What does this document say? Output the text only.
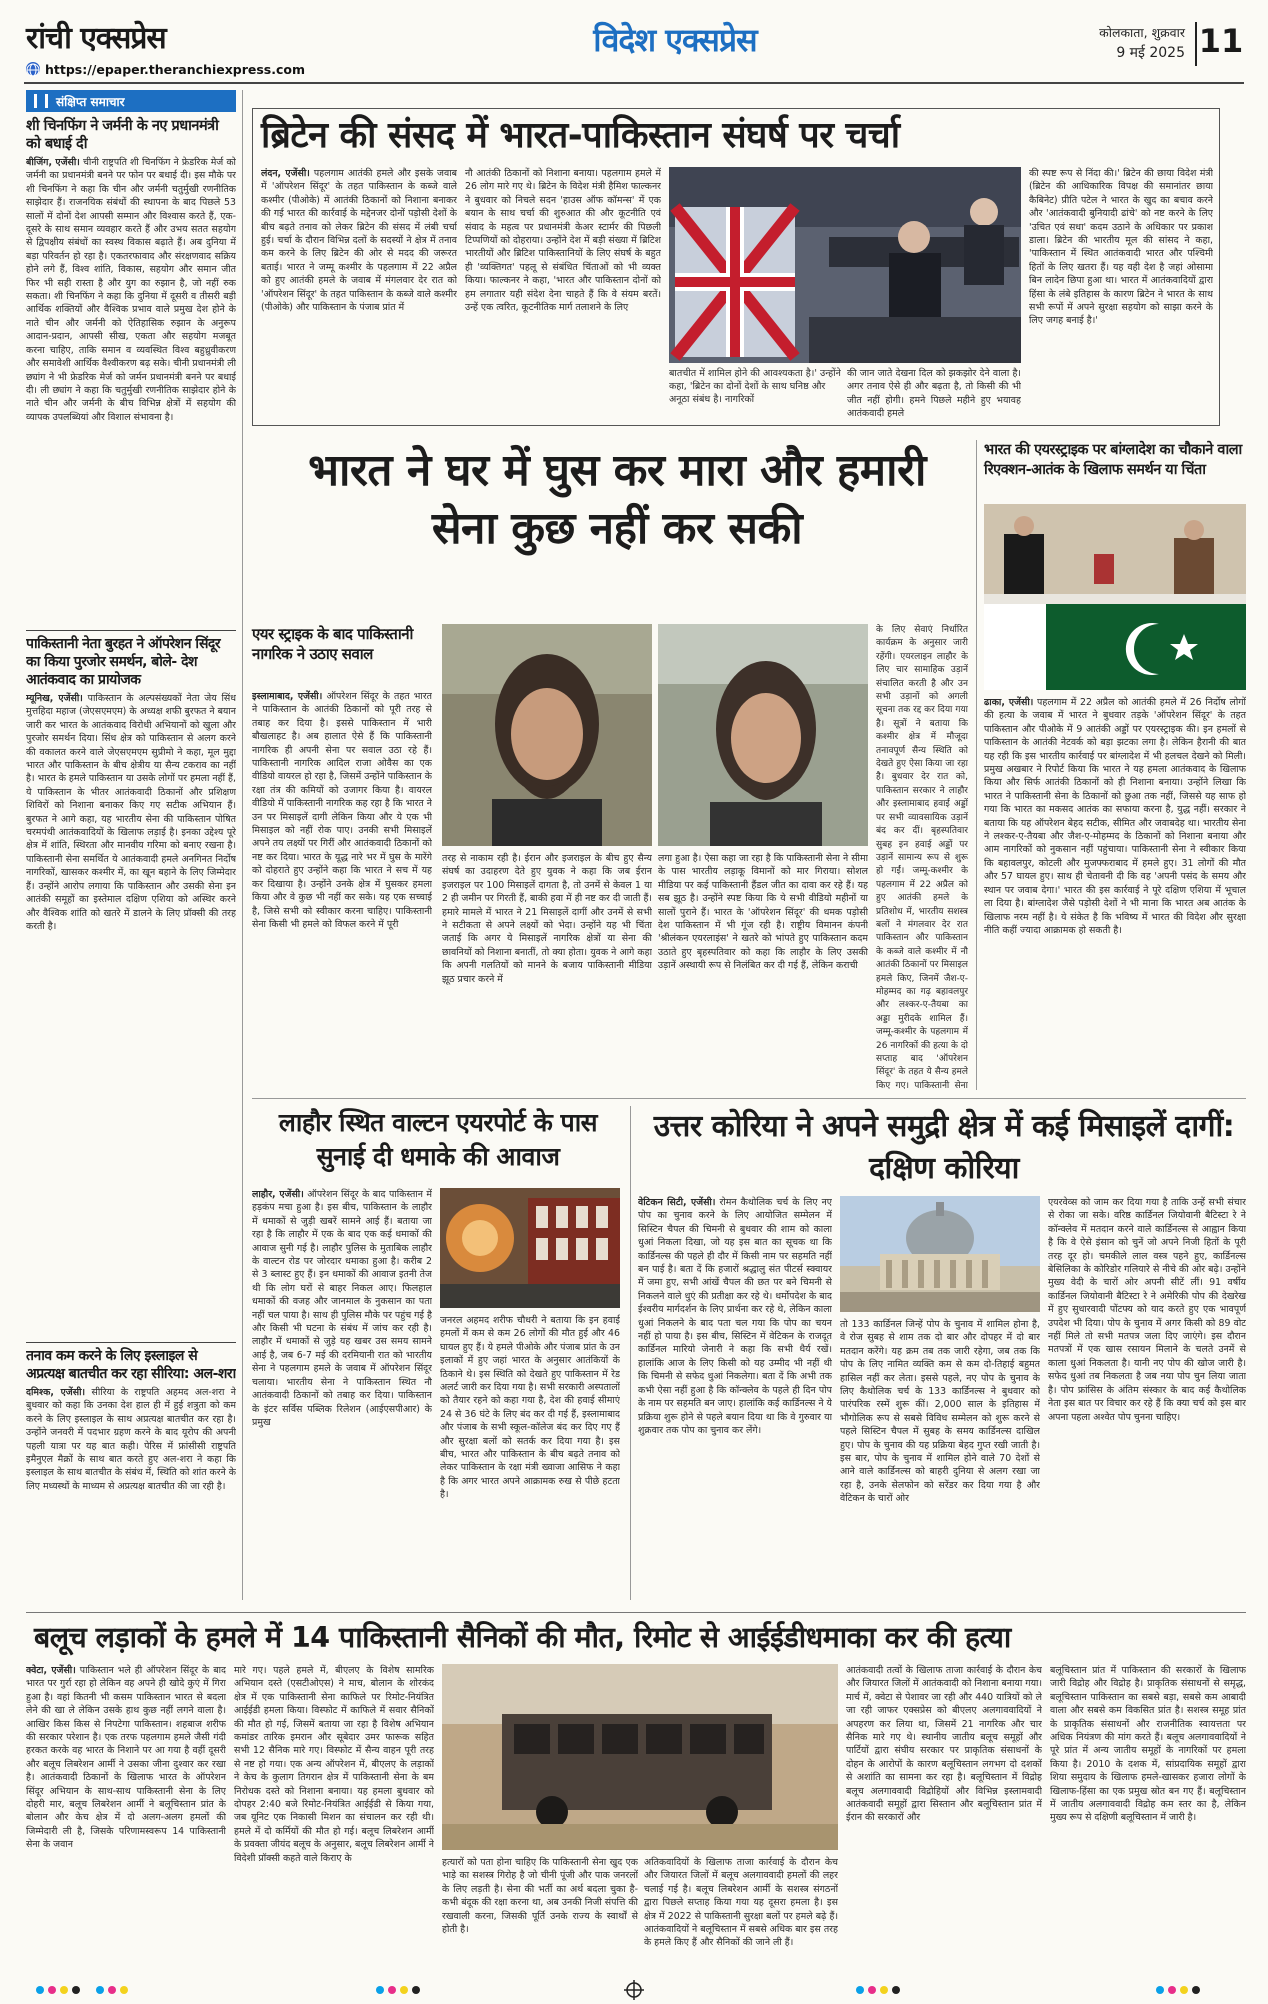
रांची एक्सप्रेस
https://epaper.theranchiexpress.com
विदेश एक्सप्रेस	कोलकाता, शुक्रवार
9 मई 2025 11
संक्षिप्त समाचार
शी चिनफिंग ने जर्मनी के नए प्रधानमंत्री को बधाई दी
बीजिंग, एजेंसी। चीनी राष्ट्रपति शी चिनफिंग ने फ्रेडरिक मेर्ज को जर्मनी का प्रधानमंत्री बनने पर फोन पर बधाई दी। इस मौके पर शी चिनफिंग ने कहा कि चीन और जर्मनी चतुर्मुखी रणनीतिक साझेदार हैं। राजनयिक संबंधों की स्थापना के बाद पिछले 53 सालों में दोनों देश आपसी सम्मान और विश्वास करते हैं, एक-दूसरे के साथ समान व्यवहार करते हैं और उभय सतत सहयोग से द्विपक्षीय संबंधों का स्वस्थ विकास बढ़ाते हैं। अब दुनिया में बड़ा परिवर्तन हो रहा है। एकतरफावाद और संरक्षणवाद सक्रिय होने लगे हैं, विश्व शांति, विकास, सहयोग और समान जीत फिर भी सही रास्ता है और युग का रुझान है, जो नहीं रुक सकता। शी चिनफिंग ने कहा कि दुनिया में दूसरी व तीसरी बड़ी आर्थिक शक्तियों और वैश्विक प्रभाव वाले प्रमुख देश होने के नाते चीन और जर्मनी को ऐतिहासिक रुझान के अनुरूप आदान-प्रदान, आपसी सीख, एकता और सहयोग मजबूत करना चाहिए, ताकि समान व व्यवस्थित विश्व बहुध्रुवीकरण और समावेशी आर्थिक वैश्वीकरण बढ़ सके। चीनी प्रधानमंत्री ली छ्यांग ने भी फ्रेडरिक मेर्ज को जर्मन प्रधानमंत्री बनने पर बधाई दी। ली छ्यांग ने कहा कि चतुर्मुखी रणनीतिक साझेदार होने के नाते चीन और जर्मनी के बीच विभिन्न क्षेत्रों में सहयोग की व्यापक उपलब्धियां और विशाल संभावना है।
पाकिस्तानी नेता बुरहत ने ऑपरेशन सिंदूर का किया पुरजोर समर्थन, बोले- देश आतंकवाद का प्रायोजक
म्यूनिख, एजेंसी। पाकिस्तान के अल्पसंख्यकों नेता जेय सिंध मुत्तहिदा महाज (जेएसएमएम) के अध्यक्ष शफी बुरफत ने बयान जारी कर भारत के आतंकवाद विरोधी अभियानों को खुला और पुरजोर समर्थन दिया। सिंध क्षेत्र को पाकिस्तान से अलग करने की वकालत करने वाले जेएसएमएम सुप्रीमो ने कहा, मूल मुद्दा भारत और पाकिस्तान के बीच क्षेत्रीय या सैन्य टकराव का नहीं है। भारत के हमले पाकिस्तान या उसके लोगों पर हमला नहीं हैं, ये पाकिस्तान के भीतर आतंकवादी ठिकानों और प्रशिक्षण शिविरों को निशाना बनाकर किए गए सटीक अभियान हैं। बुरफत ने आगे कहा, यह भारतीय सेना की पाकिस्तान पोषित चरमपंथी आतंकवादियों के खिलाफ लड़ाई है। इनका उद्देश्य पूरे क्षेत्र में शांति, स्थिरता और मानवीय गरिमा को बनाए रखना है। पाकिस्तानी सेना समर्थित ये आतंकवादी हमले अनगिनत निर्दोष नागरिकों, खासकर कश्मीर में, का खून बहाने के लिए जिम्मेदार हैं। उन्होंने आरोप लगाया कि पाकिस्तान और उसकी सेना इन आतंकी समूहों का इस्तेमाल दक्षिण एशिया को अस्थिर करने और वैश्विक शांति को खतरे में डालने के लिए प्रॉक्सी की तरह करती है।
तनाव कम करने के लिए इस्लाइल से अप्रत्यक्ष बातचीत कर रहा सीरिया: अल-शरा
दमिश्क, एजेंसी। सीरिया के राष्ट्रपति अहमद अल-शरा ने बुधवार को कहा कि उनका देश हाल ही में हुई शत्रुता को कम करने के लिए इस्लाइल के साथ अप्रत्यक्ष बातचीत कर रहा है। उन्होंने जनवरी में पदभार ग्रहण करने के बाद यूरोप की अपनी पहली यात्रा पर यह बात कही। पेरिस में फ्रांसीसी राष्ट्रपति इमैनुएल मैक्रों के साथ बात करते हुए अल-शरा ने कहा कि इस्लाइल के साथ बातचीत के संबंध में, स्थिति को शांत करने के लिए मध्यस्थों के माध्यम से अप्रत्यक्ष बातचीत की जा रही है।
ब्रिटेन की संसद में भारत-पाकिस्तान संघर्ष पर चर्चा
लंदन, एजेंसी। पहलगाम आतंकी हमले और इसके जवाब में 'ऑपरेशन सिंदूर' के तहत पाकिस्तान के कब्जे वाले कश्मीर (पीओके) में आतंकी ठिकानों को निशाना बनाकर की गई भारत की कार्रवाई के मद्देनजर दोनों पड़ोसी देशों के बीच बढ़ते तनाव को लेकर ब्रिटेन की संसद में लंबी चर्चा हुई। चर्चा के दौरान विभिन्न दलों के सदस्यों ने क्षेत्र में तनाव कम करने के लिए ब्रिटेन की ओर से मदद की जरूरत बताई। भारत ने जम्मू कश्मीर के पहलगाम में 22 अप्रैल को हुए आतंकी हमले के जवाब में मंगलवार देर रात को 'ऑपरेशन सिंदूर' के तहत पाकिस्तान के कब्जे वाले कश्मीर (पीओके) और पाकिस्तान के पंजाब प्रांत में
नौ आतंकी ठिकानों को निशाना बनाया। पहलगाम हमले में 26 लोग मारे गए थे। ब्रिटेन के विदेश मंत्री हैमिश फाल्कनर ने बुधवार को निचले सदन 'हाउस ऑफ कॉमन्स' में एक बयान के साथ चर्चा की शुरुआत की और कूटनीति एवं संवाद के महत्व पर प्रधानमंत्री केअर स्टार्मर की पिछली टिप्पणियों को दोहराया। उन्होंने देश में बड़ी संख्या में ब्रिटिश भारतीयों और ब्रिटिश पाकिस्तानियों के लिए संघर्ष के बहुत ही 'व्यक्तिगत' पहलू से संबंधित चिंताओं को भी व्यक्त किया। फाल्कनर ने कहा, 'भारत और पाकिस्तान दोनों को हम लगातार यही संदेश देना चाहते हैं कि वे संयम बरतें। उन्हें एक त्वरित, कूटनीतिक मार्ग तलाशने के लिए
बातचीत में शामिल होने की आवश्यकता है।' उन्होंने कहा, 'ब्रिटेन का दोनों देशों के साथ घनिष्ठ और अनूठा संबंध है। नागरिकों
की जान जाते देखना दिल को झकझोर देने वाला है। अगर तनाव ऐसे ही और बढ़ता है, तो किसी की भी जीत नहीं होगी। हमने पिछले महीने हुए भयावह आतंकवादी हमले
की स्पष्ट रूप से निंदा की।' ब्रिटेन की छाया विदेश मंत्री (ब्रिटेन की आधिकारिक विपक्ष की समानांतर छाया कैबिनेट) प्रीति पटेल ने भारत के खुद का बचाव करने और 'आतंकवादी बुनियादी ढांचे' को नष्ट करने के लिए 'उचित एवं सधा' कदम उठाने के अधिकार पर प्रकाश डाला। ब्रिटेन की भारतीय मूल की सांसद ने कहा, 'पाकिस्तान में स्थित आतंकवादी भारत और पश्चिमी हितों के लिए खतरा हैं। यह वही देश है जहां ओसामा बिन लादेन छिपा हुआ था। भारत में आतंकवादियों द्वारा हिंसा के लंबे इतिहास के कारण ब्रिटेन ने भारत के साथ सभी रूपों में अपने सुरक्षा सहयोग को साझा करने के लिए जगह बनाई है।'
भारत ने घर में घुस कर मारा और हमारी सेना कुछ नहीं कर सकी
एयर स्ट्राइक के बाद पाकिस्तानी नागरिक ने उठाए सवाल
इस्लामाबाद, एजेंसी। ऑपरेशन सिंदूर के तहत भारत ने पाकिस्तान के आतंकी ठिकानों को पूरी तरह से तबाह कर दिया है। इससे पाकिस्तान में भारी बौखलाहट है। अब हालात ऐसे हैं कि पाकिस्तानी नागरिक ही अपनी सेना पर सवाल उठा रहे हैं। पाकिस्तानी नागरिक आदिल राजा ओवैस का एक वीडियो वायरल हो रहा है, जिसमें उन्होंने पाकिस्तान के रक्षा तंत्र की कमियों को उजागर किया है। वायरल वीडियो में पाकिस्तानी नागरिक कह रहा है कि भारत ने उन पर मिसाइलें दागी लेकिन किया और ये एक भी मिसाइल को नहीं रोक पाए। उनकी सभी मिसाइलें अपने तय लक्ष्यों पर गिरीं और आतंकवादी ठिकानों को नष्ट कर दिया। भारत के यूद्ध नारे भर में घुस के मारेंगे को दोहराते हुए उन्होंने कहा कि भारत ने सच में यह कर दिखाया है। उन्होंने उनके क्षेत्र में घुसकर हमला किया और वे कुछ भी नहीं कर सके। यह एक सच्चाई है, जिसे सभी को स्वीकार करना चाहिए। पाकिस्तानी सेना किसी भी हमले को विफल करने में पूरी
तरह से नाकाम रही है। ईरान और इजराइल के बीच हुए सैन्य संघर्ष का उदाहरण देते हुए युवक ने कहा कि जब ईरान इजराइल पर 100 मिसाइलें दागता है, तो उनमें से केवल 1 या 2 ही जमीन पर गिरती हैं, बाकी हवा में ही नष्ट कर दी जाती हैं। हमारे मामले में भारत ने 21 मिसाइलें दागीं और उनमें से सभी ने सटीकता से अपने लक्ष्यों को भेदा। उन्होंने यह भी चिंता जताई कि अगर ये मिसाइलें नागरिक क्षेत्रों या सेना की छावनियों को निशाना बनातीं, तो क्या होता। युवक ने आगे कहा कि अपनी गलतियों को मानने के बजाय पाकिस्तानी मीडिया झूठ प्रचार करने में
लगा हुआ है। ऐसा कहा जा रहा है कि पाकिस्तानी सेना ने सीमा के पास भारतीय लड़ाकू विमानों को मार गिराया। सोशल मीडिया पर कई पाकिस्तानी हैंडल जीत का दावा कर रहे हैं। यह सब झूठ है। उन्होंने स्पष्ट किया कि ये सभी वीडियो महीनों या सालों पुराने हैं। भारत के 'ऑपरेशन सिंदूर' की धमक पड़ोसी देश पाकिस्तान में भी गूंज रही है। राष्ट्रीय विमानन कंपनी 'श्रीलंकन एयरलाइंस' ने खतरे को भांपते हुए पाकिस्तान कदम उठाते हुए बृहस्पतिवार को कहा कि लाहौर के लिए उसकी उड़ानें अस्थायी रूप से निलंबित कर दी गई हैं, लेकिन कराची
के लिए सेवाएं निर्धारित कार्यक्रम के अनुसार जारी रहेंगी। एयरलाइन लाहौर के लिए चार सामाहिक उड़ानें संचालित करती है और उन सभी उड़ानों को अगली सूचना तक रद्द कर दिया गया है। सूत्रों ने बताया कि कश्मीर क्षेत्र में मौजूदा तनावपूर्ण सैन्य स्थिति को देखते हुए ऐसा किया जा रहा है। बुधवार देर रात को, पाकिस्तान सरकार ने लाहौर और इस्लामाबाद हवाई अड्डों पर सभी व्यावसायिक उड़ानें बंद कर दीं। बृहस्पतिवार सुबह इन हवाई अड्डों पर उड़ानें सामान्य रूप से शुरू हो गईं। जम्मू-कश्मीर के पहलगाम में 22 अप्रैल को हुए आतंकी हमले के प्रतिशोध में, भारतीय सशस्त्र बलों ने मंगलवार देर रात पाकिस्तान और पाकिस्तान के कब्जे वाले कश्मीर में नौ आतंकी ठिकानों पर मिसाइल हमले किए, जिनमें जैश-ए-मोहम्मद का गढ़ बहावलपुर और लश्कर-ए-तैयबा का अड्डा मुरीदके शामिल हैं। जम्मू-कश्मीर के पहलगाम में 26 नागरिकों की हत्या के दो सप्ताह बाद 'ऑपरेशन सिंदूर' के तहत ये सैन्य हमले किए गए। पाकिस्तानी सेना
भारत की एयरस्ट्राइक पर बांग्लादेश का चौकाने वाला रिएक्शन-आतंक के खिलाफ समर्थन या चिंता
ढाका, एजेंसी। पहलगाम में 22 अप्रैल को आतंकी हमले में 26 निर्दोष लोगों की हत्या के जवाब में भारत ने बुधवार तड़के 'ऑपरेशन सिंदूर' के तहत पाकिस्तान और पीओके में 9 आतंकी अड्डों पर एयरस्ट्राइक की। इन हमलों से पाकिस्तान के आतंकी नेटवर्क को बड़ा झटका लगा है। लेकिन हैरानी की बात यह रही कि इस भारतीय कार्रवाई पर बांग्लादेश में भी हलचल देखने को मिली। प्रमुख अखबार ने रिपोर्ट किया कि भारत ने यह हमला आतंकवाद के खिलाफ किया और सिर्फ आतंकी ठिकानों को ही निशाना बनाया। उन्होंने लिखा कि भारत ने पाकिस्तानी सेना के ठिकानों को छुआ तक नहीं, जिससे यह साफ हो गया कि भारत का मकसद आतंक का सफाया करना है, युद्ध नहीं। सरकार ने बताया कि यह ऑपरेशन बेहद सटीक, सीमित और जवाबदेह था। भारतीय सेना ने लश्कर-ए-तैयबा और जैश-ए-मोहम्मद के ठिकानों को निशाना बनाया और आम नागरिकों को नुकसान नहीं पहुंचाया। पाकिस्तानी सेना ने स्वीकार किया कि बहावलपुर, कोटली और मुजफ्फराबाद में हमले हुए। 31 लोगों की मौत और 57 घायल हुए। साथ ही चेतावनी दी कि वह 'अपनी पसंद के समय और स्थान पर जवाब देगा।' भारत की इस कार्रवाई ने पूरे दक्षिण एशिया में भूचाल ला दिया है। बांग्लादेश जैसे पड़ोसी देशों ने भी माना कि भारत अब आतंक के खिलाफ नरम नहीं है। ये संकेत है कि भविष्य में भारत की विदेश और सुरक्षा नीति कहीं ज्यादा आक्रामक हो सकती है।
लाहौर स्थित वाल्टन एयरपोर्ट के पास सुनाई दी धमाके की आवाज
लाहौर, एजेंसी। ऑपरेशन सिंदूर के बाद पाकिस्तान में हड़कंप मचा हुआ है। इस बीच, पाकिस्तान के लाहौर में धमाकों से जुड़ी खबरें सामने आई हैं। बताया जा रहा है कि लाहौर में एक के बाद एक कई धमाकों की आवाज सुनी गई है। लाहौर पुलिस के मुताबिक लाहौर के वाल्टन रोड पर जोरदार धमाका हुआ है। करीब 2 से 3 ब्लास्ट हुए हैं। इन धमाकों की आवाज इतनी तेज थी कि लोग घरों से बाहर निकल आए। फिलहाल धमाकों की वजह और जानमाल के नुकसान का पता नहीं चल पाया है। साथ ही पुलिस मौके पर पहुंच गई है और किसी भी घटना के संबंध में जांच कर रही है। लाहौर में धमाकों से जुड़े यह खबर उस समय सामने आई है, जब 6-7 मई की दरमियानी रात को भारतीय सेना ने पहलगाम हमले के जवाब में ऑपरेशन सिंदूर चलाया। भारतीय सेना ने पाकिस्तान स्थित नौ आतंकवादी ठिकानों को तबाह कर दिया। पाकिस्तान के इंटर सर्विस पब्लिक रिलेशन (आईएसपीआर) के प्रमुख
जनरल अहमद शरीफ चौधरी ने बताया कि इन हवाई हमलों में कम से कम 26 लोगों की मौत हुई और 46 घायल हुए हैं। ये हमले पीओके और पंजाब प्रांत के उन इलाकों में हुए जहां भारत के अनुसार आतंकियों के ठिकाने थे। इस स्थिति को देखते हुए पाकिस्तान में रेड अलर्ट जारी कर दिया गया है। सभी सरकारी अस्पतालों को तैयार रहने को कहा गया है, देश की हवाई सीमाएं 24 से 36 घंटे के लिए बंद कर दी गई हैं, इस्लामाबाद और पंजाब के सभी स्कूल-कॉलेज बंद कर दिए गए हैं और सुरक्षा बलों को सतर्क कर दिया गया है। इस बीच, भारत और पाकिस्तान के बीच बढ़ते तनाव को लेकर पाकिस्तान के रक्षा मंत्री ख्वाजा आसिफ ने कहा है कि अगर भारत अपने आक्रामक रुख से पीछे हटता है।
उत्तर कोरिया ने अपने समुद्री क्षेत्र में कई मिसाइलें दागीं: दक्षिण कोरिया
वेटिकन सिटी, एजेंसी। रोमन कैथोलिक चर्च के लिए नए पोप का चुनाव करने के लिए आयोजित सम्मेलन में सिस्टिन चैपल की चिमनी से बुधवार की शाम को काला धुआं निकला दिखा, जो यह इस बात का सूचक था कि कार्डिनल्स की पहले ही दौर में किसी नाम पर सहमति नहीं बन पाई है। बता दें कि हजारों श्रद्धालु संत पीटर्स स्क्वायर में जमा हुए, सभी आंखें चैपल की छत पर बने चिमनी से निकलने वाले धुएं की प्रतीक्षा कर रहे थे। धर्मोपदेश के बाद ईश्वरीय मार्गदर्शन के लिए प्रार्थना कर रहे थे, लेकिन काला धुआं निकलने के बाद पता चल गया कि पोप का चयन नहीं हो पाया है। इस बीच, सिस्टिन में वेटिकन के राजदूत कार्डिनल मारियो जेनारी ने कहा कि सभी धैर्य रखें। हालांकि आज के लिए किसी को यह उम्मीद भी नहीं थी कि चिमनी से सफेद धुआं निकलेगा। बता दें कि अभी तक कभी ऐसा नहीं हुआ है कि कॉन्क्लेव के पहले ही दिन पोप के नाम पर सहमति बन जाए। हालांकि कई कार्डिनल्स ने ये प्रक्रिया शुरू होने से पहले बयान दिया था कि वे गुरुवार या शुक्रवार तक पोप का चुनाव कर लेंगे।
तो 133 कार्डिनल जिन्हें पोप के चुनाव में शामिल होना है, वे रोज सुबह से शाम तक दो बार और दोपहर में दो बार मतदान करेंगे। यह क्रम तब तक जारी रहेगा, जब तक कि पोप के लिए नामित व्यक्ति कम से कम दो-तिहाई बहुमत हासिल नहीं कर लेता। इससे पहले, नए पोप के चुनाव के लिए कैथोलिक चर्च के 133 कार्डिनल्स ने बुधवार को पारंपरिक रस्में शुरू कीं। 2,000 साल के इतिहास में भौगोलिक रूप से सबसे विविध सम्मेलन को शुरू करने से पहले सिस्टिन चैपल में सुबह के समय कार्डिनल्स दाखिल हुए। पोप के चुनाव की यह प्रक्रिया बेहद गुप्त रखी जाती है। इस बार, पोप के चुनाव में शामिल होने वाले 70 देशों से आने वाले कार्डिनल्स को बाहरी दुनिया से अलग रखा जा रहा है, उनके सेलफोन को सरेंडर कर दिया गया है और वेटिकन के चारों ओर
एयरवेव्स को जाम कर दिया गया है ताकि उन्हें सभी संचार से रोका जा सके। वरिष्ठ कार्डिनल जियोवानी बैटिस्टा रे ने कॉन्क्लेव में मतदान करने वाले कार्डिनल्स से आह्वान किया है कि वे ऐसे इंसान को चुनें जो अपने निजी हितों के पूरी तरह दूर हो। चमकीले लाल वस्त्र पहने हुए, कार्डिनल्स बेसिलिका के कोरिडोर गलियारे से नीचे की ओर बढ़े। उन्होंने मुख्य वेदी के चारों ओर अपनी सीटें लीं। 91 वर्षीय कार्डिनल जियोवानी बैटिस्टा रे ने अमेरिकी पोप की देखरेख में हुए सुधारवादी पोंटफ्य को याद करते हुए एक भावपूर्ण उपदेश भी दिया। पोप के चुनाव में अगर किसी को 89 वोट नहीं मिले तो सभी मतपत्र जला दिए जाएंगे। इस दौरान मतपत्रों में एक खास रसायन मिलाने के चलते उनमें से काला धुआं निकलता है। यानी नए पोप की खोज जारी है। सफेद धुआं तब निकलता है जब नया पोप चुन लिया जाता है। पोप फ्रांसिस के अंतिम संस्कार के बाद कई कैथोलिक नेता इस बात पर विचार कर रहे हैं कि क्या चर्च को इस बार अपना पहला अश्वेत पोप चुनना चाहिए।
बलूच लड़ाकों के हमले में 14 पाकिस्तानी सैनिकों की मौत, रिमोट से आईईडीधमाका कर की हत्या
क्वेटा, एजेंसी। पाकिस्तान भले ही ऑपरेशन सिंदूर के बाद भारत पर गुर्रा रहा हो लेकिन वह अपने ही खोदे कुएं में गिरा हुआ है। वहां कितनी भी कसम पाकिस्तान भारत से बदला लेने की खा ले लेकिन उसके हाथ कुछ नहीं लगने वाला है। आखिर किस किस से निपटेगा पाकिस्तान। शहबाज शरीफ की सरकार परेशान है। एक तरफ पहलगाम हमले जैसी गंदी हरकत करके वह भारत के निशाने पर आ गया है वहीं दूसरी और बलूच लिबरेशन आर्मी ने उसका जीना दुश्वार कर रखा है। आतंकवादी ठिकानों के खिलाफ भारत के ऑपरेशन सिंदूर अभियान के साथ-साथ पाकिस्तानी सेना के लिए दोहरी मार, बलूच लिबरेशन आर्मी ने बलूचिस्तान प्रांत के बोलान और केच क्षेत्र में दो अलग-अलग हमलों की जिम्मेदारी ली है, जिसके परिणामस्वरूप 14 पाकिस्तानी सेना के जवान
मारे गए। पहले हमले में, बीएलए के विशेष सामरिक अभियान दस्ते (एसटीओएस) ने माच, बोलान के शोरकंद क्षेत्र में एक पाकिस्तानी सेना काफिले पर रिमोट-नियंत्रित आईईडी हमला किया। विस्फोट में काफिले में सवार सैनिकों की मौत हो गई, जिसमें बताया जा रहा है विशेष अभियान कमांडर तारिक इमरान और सूबेदार उमर फारूक सहित सभी 12 सैनिक मारे गए। विस्फोट में सैन्य वाहन पूरी तरह से नष्ट हो गया। एक अन्य ऑपरेशन में, बीएलए के लड़ाकों ने केच के कुलाग तिगरान क्षेत्र में पाकिस्तानी सेना के बम निरोधक दस्ते को निशाना बनाया। यह हमला बुधवार को दोपहर 2:40 बजे रिमोट-नियंत्रित आईईडी से किया गया, जब यूनिट एक निकासी मिशन का संचालन कर रही थी। हमले में दो कर्मियों की मौत हो गई। बलूच लिबरेशन आर्मी के प्रवक्ता जीयंद बलूच के अनुसार, बलूच लिबरेशन आर्मी ने विदेशी प्रॉक्सी कहते वाले किराए के	हत्यारों को पता होना चाहिए कि पाकिस्तानी सेना खुद एक भाड़े का सशस्त्र गिरोह है जो चीनी पूंजी और पाक जनरलों के लिए लड़ती है। सेना की भर्ती का अर्थ बदला चुका है- कभी बंदूक की रक्षा करना था, अब उनकी निजी संपत्ति की रखवाली करना, जिसकी पूर्ति उनके राज्य के स्वार्थों से होती है।
अतिकवादियों के खिलाफ ताजा कार्रवाई के दौरान केच और जियारत जिलों में बलूच अलगाववादी हमलों की लहर चलाई गई है। बलूच लिबरेशन आर्मी के सशस्त्र संगठनों द्वारा पिछले सप्ताह किया गया यह दूसरा हमला है। इस क्षेत्र में 2022 से पाकिस्तानी सुरक्षा बलों पर हमले बढ़े हैं। आतंकवादियों ने बलूचिस्तान में सबसे अधिक बार इस तरह के हमले किए हैं और सैनिकों की जाने ली हैं।
आतंकवादी तत्वों के खिलाफ ताजा कार्रवाई के दौरान केच और जियारत जिलों में आतंकवादी को निशाना बनाया गया। मार्च में, क्वेटा से पेशावर जा रही और 440 यात्रियों को ले जा रही जाफर एक्सप्रेस को बीएलए अलगाववादियों ने अपहरण कर लिया था, जिसमें 21 नागरिक और चार सैनिक मारे गए थे। स्थानीय जातीय बलूच समूहों और पार्टियों द्वारा संघीय सरकार पर प्राकृतिक संसाधनों के दोहन के आरोपों के कारण बलूचिस्तान लगभग दो दशकों से अशांति का सामना कर रहा है। बलूचिस्तान में विद्रोह बलूच अलगाववादी विद्रोहियों और विभिन्न इस्लामवादी आतंकवादी समूहों द्वारा सिस्तान और बलूचिस्तान प्रांत में ईरान की सरकारों और
बलूचिस्तान प्रांत में पाकिस्तान की सरकारों के खिलाफ जारी विद्रोह और विद्रोह है। प्राकृतिक संसाधनों से समृद्ध, बलूचिस्तान पाकिस्तान का सबसे बड़ा, सबसे कम आबादी वाला और सबसे कम विकसित प्रांत है। सशस्त्र समूह प्रांत के प्राकृतिक संसाधनों और राजनीतिक स्वायत्तता पर अधिक नियंत्रण की मांग करते हैं। बलूच अलगाववादियों ने पूरे प्रांत में अन्य जातीय समूहों के नागरिकों पर हमला किया है। 2010 के दशक में, सांप्रदायिक समूहों द्वारा शिया समुदाय के खिलाफ हमले-खासकर हजारा लोगों के खिलाफ-हिंसा का एक प्रमुख स्रोत बन गए हैं। बलूचिस्तान में जातीय अलगाववादी विद्रोह कम स्तर का है, लेकिन मुख्य रूप से दक्षिणी बलूचिस्तान में जारी है।
